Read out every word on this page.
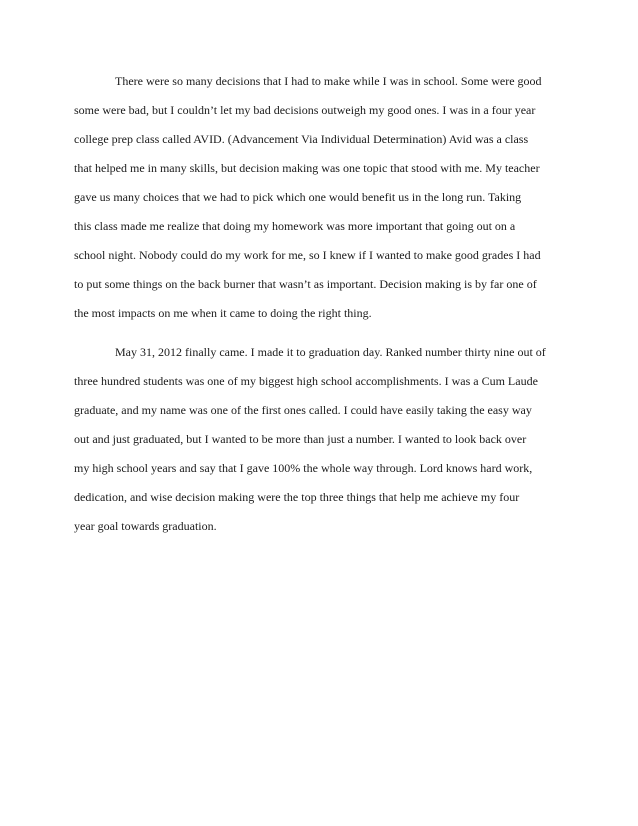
There were so many decisions that I had to make while I was in school. Some were good
some were bad, but I couldn’t let my bad decisions outweigh my good ones. I was in a four year
college prep class called AVID. (Advancement Via Individual Determination) Avid was a class
that helped me in many skills, but decision making was one topic that stood with me. My teacher
gave us many choices that we had to pick which one would benefit us in the long run. Taking
this class made me realize that doing my homework was more important that going out on a
school night. Nobody could do my work for me, so I knew if I wanted to make good grades I had
to put some things on the back burner that wasn’t as important. Decision making is by far one of
the most impacts on me when it came to doing the right thing.
May 31, 2012 finally came. I made it to graduation day. Ranked number thirty nine out of
three hundred students was one of my biggest high school accomplishments. I was a Cum Laude
graduate, and my name was one of the first ones called. I could have easily taking the easy way
out and just graduated, but I wanted to be more than just a number. I wanted to look back over
my high school years and say that I gave 100% the whole way through. Lord knows hard work,
dedication, and wise decision making were the top three things that help me achieve my four
year goal towards graduation.
